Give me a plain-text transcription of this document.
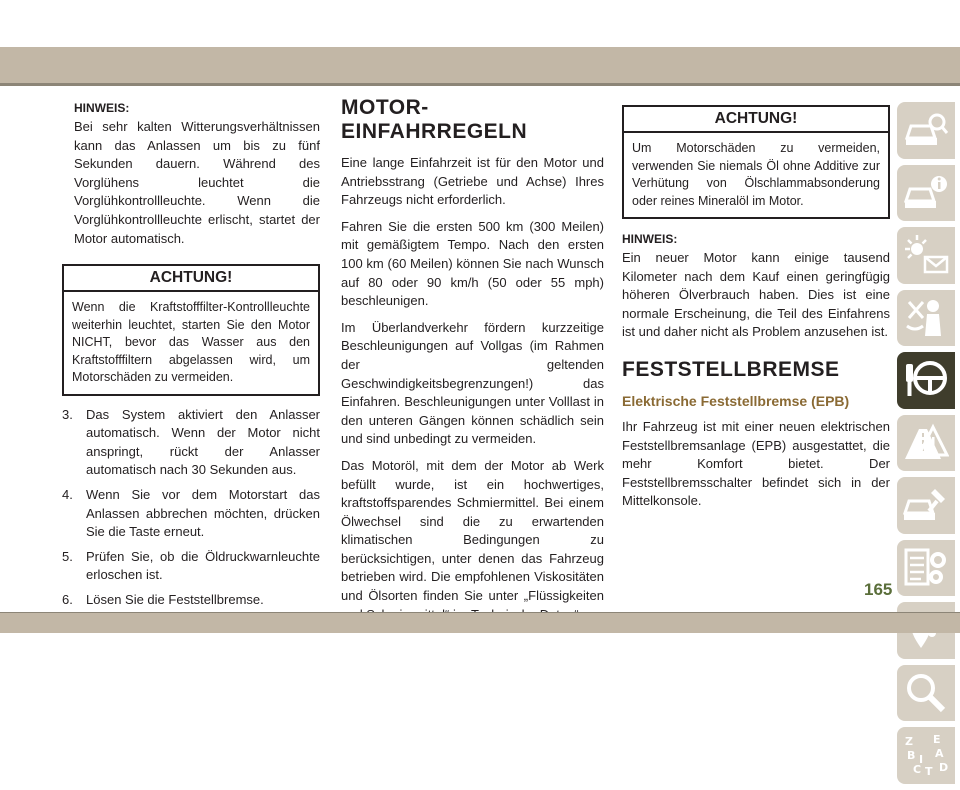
HINWEIS:

Bei sehr kalten Witterungsverhältnissen kann das Anlassen um bis zu fünf Sekunden dauern. Während des Vorglühens leuchtet die Vorglühkontrollleuchte. Wenn die Vorglühkontrollleuchte erlischt, startet der Motor automatisch.

ACHTUNG!
Wenn die Kraftstofffilter-Kontrollleuchte weiterhin leuchtet, starten Sie den Motor NICHT, bevor das Wasser aus den Kraftstofffiltern abgelassen wird, um Motorschäden zu vermeiden.
3. Das System aktiviert den Anlasser automatisch. Wenn der Motor nicht anspringt, rückt der Anlasser automatisch nach 30 Sekunden aus.
4. Wenn Sie vor dem Motorstart das Anlassen abbrechen möchten, drücken Sie die Taste erneut.
5. Prüfen Sie, ob die Öldruckwarnleuchte erloschen ist.
6. Lösen Sie die Feststellbremse.
MOTOR-EINFAHRREGELN

Eine lange Einfahrzeit ist für den Motor und Antriebsstrang (Getriebe und Achse) Ihres Fahrzeugs nicht erforderlich.

Fahren Sie die ersten 500 km (300 Meilen) mit gemäßigtem Tempo. Nach den ersten 100 km (60 Meilen) können Sie nach Wunsch auf 80 oder 90 km/h (50 oder 55 mph) beschleunigen.

Im Überlandverkehr fördern kurzzeitige Beschleunigungen auf Vollgas (im Rahmen der geltenden Geschwindigkeitsbegrenzungen!) das Einfahren. Beschleunigungen unter Volllast in den unteren Gängen können schädlich sein und sind unbedingt zu vermeiden.

Das Motoröl, mit dem der Motor ab Werk befüllt wurde, ist ein hochwertiges, kraftstoffsparendes Schmiermittel. Bei einem Ölwechsel sind die zu erwartenden klimatischen Bedingungen zu berücksichtigen, unter denen das Fahrzeug betrieben wird. Die empfohlenen Viskositäten und Ölsorten finden Sie unter „Flüssigkeiten

ACHTUNG!
Um Motorschäden zu vermeiden, verwenden Sie niemals Öl ohne Additive zur Verhütung von Ölschlammabsonderung oder reines Mineralöl im Motor.
HINWEIS:

Ein neuer Motor kann einige tausend Kilometer nach dem Kauf einen geringfügig höheren Ölverbrauch haben. Dies ist eine normale Erscheinung, die Teil des Einfahrens ist und daher nicht als Problem anzusehen ist.

FESTSTELLBREMSE
Elektrische Feststellbremse (EPB)

Ihr Fahrzeug ist mit einer neuen elektrischen Feststellbremsanlage (EPB) ausgestattet, die mehr Komfort bietet. Der Feststellbremsschalter befindet sich in der Mittelkonsole.

Z E
B A
I
C D
T
165
